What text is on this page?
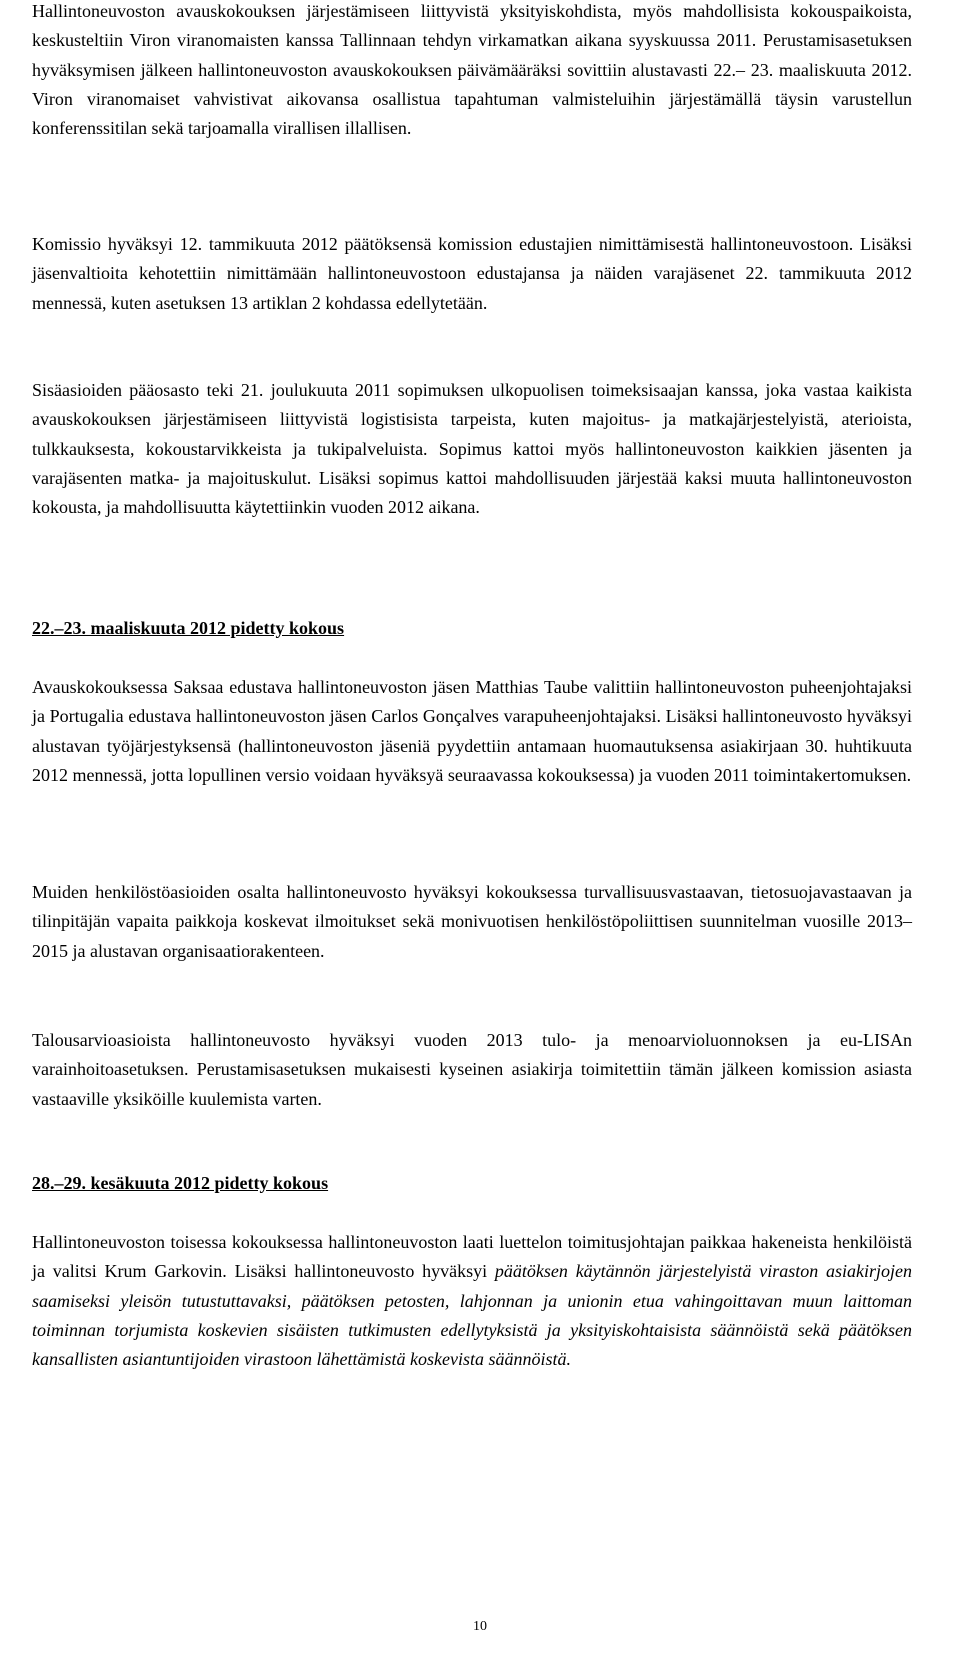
Hallintoneuvoston avauskokouksen järjestämiseen liittyvistä yksityiskohdista, myös mahdollisista kokouspaikoista, keskusteltiin Viron viranomaisten kanssa Tallinnaan tehdyn virkamatkan aikana syyskuussa 2011. Perustamisasetuksen hyväksymisen jälkeen hallintoneuvoston avauskokouksen päivämääräksi sovittiin alustavasti 22.– 23. maaliskuuta 2012. Viron viranomaiset vahvistivat aikovansa osallistua tapahtuman valmisteluihin järjestämällä täysin varustellun konferenssitilan sekä tarjoamalla virallisen illallisen.

Komissio hyväksyi 12. tammikuuta 2012 päätöksensä komission edustajien nimittämisestä hallintoneuvostoon. Lisäksi jäsenvaltioita kehotettiin nimittämään hallintoneuvostoon edustajansa ja näiden varajäsenet 22. tammikuuta 2012 mennessä, kuten asetuksen 13 artiklan 2 kohdassa edellytetään.

Sisäasioiden pääosasto teki 21. joulukuuta 2011 sopimuksen ulkopuolisen toimeksisaajan kanssa, joka vastaa kaikista avauskokouksen järjestämiseen liittyvistä logistisista tarpeista, kuten majoitus- ja matkajärjestelyistä, aterioista, tulkkauksesta, kokoustarvikkeista ja tukipalveluista. Sopimus kattoi myös hallintoneuvoston kaikkien jäsenten ja varajäsenten matka- ja majoituskulut. Lisäksi sopimus kattoi mahdollisuuden järjestää kaksi muuta hallintoneuvoston kokousta, ja mahdollisuutta käytettiinkin vuoden 2012 aikana.

22.–23. maaliskuuta 2012 pidetty kokous

Avauskokouksessa Saksaa edustava hallintoneuvoston jäsen Matthias Taube valittiin hallintoneuvoston puheenjohtajaksi ja Portugalia edustava hallintoneuvoston jäsen Carlos Gonçalves varapuheenjohtajaksi. Lisäksi hallintoneuvosto hyväksyi alustavan työjärjestyksensä (hallintoneuvoston jäseniä pyydettiin antamaan huomautuksensa asiakirjaan 30. huhtikuuta 2012 mennessä, jotta lopullinen versio voidaan hyväksyä seuraavassa kokouksessa) ja vuoden 2011 toimintakertomuksen.

Muiden henkilöstöasioiden osalta hallintoneuvosto hyväksyi kokouksessa turvallisuusvastaavan, tietosuojavastaavan ja tilinpitäjän vapaita paikkoja koskevat ilmoitukset sekä monivuotisen henkilöstöpoliittisen suunnitelman vuosille 2013–2015 ja alustavan organisaatiorakenteen.

Talousarvioasioista hallintoneuvosto hyväksyi vuoden 2013 tulo- ja menoarvioluonnoksen ja eu-LISAn varainhoitoasetuksen. Perustamisasetuksen mukaisesti kyseinen asiakirja toimitettiin tämän jälkeen komission asiasta vastaaville yksiköille kuulemista varten.

28.–29. kesäkuuta 2012 pidetty kokous

Hallintoneuvoston toisessa kokouksessa hallintoneuvoston laati luettelon toimitusjohtajan paikkaa hakeneista henkilöistä ja valitsi Krum Garkovin. Lisäksi hallintoneuvosto hyväksyi päätöksen käytännön järjestelyistä viraston asiakirjojen saamiseksi yleisön tutustuttavaksi, päätöksen petosten, lahjonnan ja unionin etua vahingoittavan muun laittoman toiminnan torjumista koskevien sisäisten tutkimusten edellytyksistä ja yksityiskohtaisista säännöistä sekä päätöksen kansallisten asiantuntijoiden virastoon lähettämistä koskevista säännöistä.

10
